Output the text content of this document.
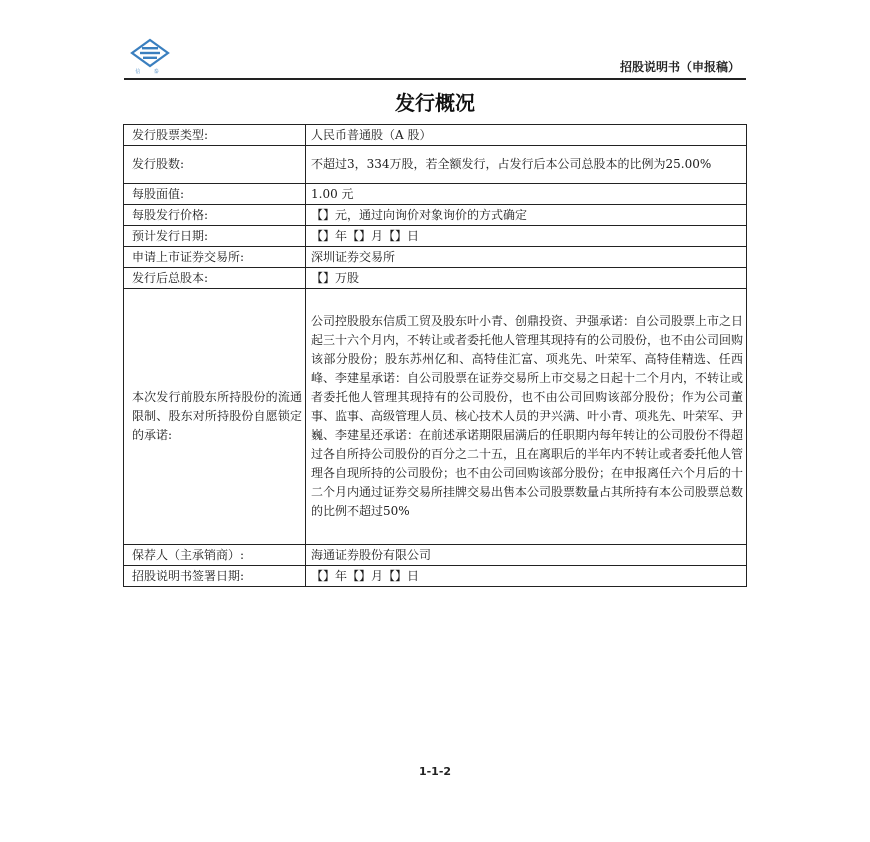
信 泰	招股说明书（申报稿）
发行概况
发行股票类型:	人民币普通股（A 股）
发行股数:	不超过3，334万股，若全额发行，占发行后本公司总股本的比例为25.00%
每股面值:	1.00 元
每股发行价格:	【】元，通过向询价对象询价的方式确定
预计发行日期:	【】年【】月【】日
申请上市证券交易所:	深圳证券交易所
发行后总股本:	【】万股
本次发行前股东所持股份的流通限制、股东对所持股份自愿锁定的承诺:	公司控股股东信质工贸及股东叶小青、创鼎投资、尹强承诺：自公司股票上市之日起三十六个月内，不转让或者委托他人管理其现持有的公司股份，也不由公司回购该部分股份；股东苏州亿和、高特佳汇富、项兆先、叶荣军、高特佳精选、任西峰、李建星承诺：自公司股票在证券交易所上市交易之日起十二个月内，不转让或者委托他人管理其现持有的公司股份，也不由公司回购该部分股份；作为公司董事、监事、高级管理人员、核心技术人员的尹兴满、叶小青、项兆先、叶荣军、尹巍、李建星还承诺：在前述承诺期限届满后的任职期内每年转让的公司股份不得超过各自所持公司股份的百分之二十五，且在离职后的半年内不转让或者委托他人管理各自现所持的公司股份；也不由公司回购该部分股份；在申报离任六个月后的十二个月内通过证券交易所挂牌交易出售本公司股票数量占其所持有本公司股票总数的比例不超过50%
保荐人（主承销商）:	海通证券股份有限公司
招股说明书签署日期:	【】年【】月【】日
1-1-2
